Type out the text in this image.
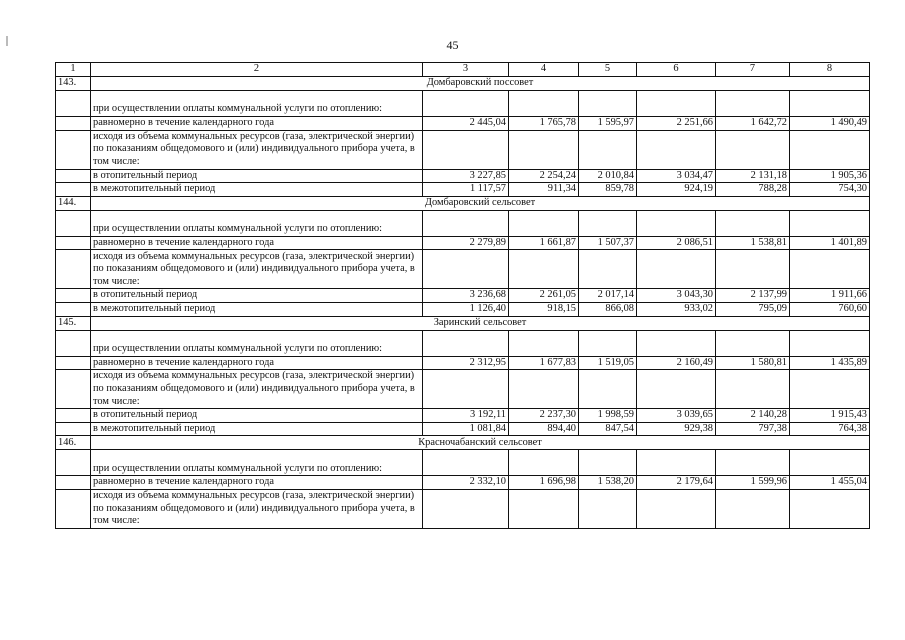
45
1	2	3	4	5	6	7	8
143.	Домбаровский поссовет						
	при осуществлении оплаты коммунальной услуги по отоплению:						
	равномерно в течение календарного года	2 445,04	1 765,78	1 595,97	2 251,66	1 642,72	1 490,49
	исходя из объема коммунальных ресурсов (газа, электрической энергии) по показаниям общедомового и (или) индивидуального прибора учета, в том числе:						
	в отопительный период	3 227,85	2 254,24	2 010,84	3 034,47	2 131,18	1 905,36
	в межотопительный период	1 117,57	911,34	859,78	924,19	788,28	754,30
144.	Домбаровский сельсовет						
	при осуществлении оплаты коммунальной услуги по отоплению:						
	равномерно в течение календарного года	2 279,89	1 661,87	1 507,37	2 086,51	1 538,81	1 401,89
	исходя из объема коммунальных ресурсов (газа, электрической энергии) по показаниям общедомового и (или) индивидуального прибора учета, в том числе:						
	в отопительный период	3 236,68	2 261,05	2 017,14	3 043,30	2 137,99	1 911,66
	в межотопительный период	1 126,40	918,15	866,08	933,02	795,09	760,60
145.	Заринский сельсовет						
	при осуществлении оплаты коммунальной услуги по отоплению:						
	равномерно в течение календарного года	2 312,95	1 677,83	1 519,05	2 160,49	1 580,81	1 435,89
	исходя из объема коммунальных ресурсов (газа, электрической энергии) по показаниям общедомового и (или) индивидуального прибора учета, в том числе:						
	в отопительный период	3 192,11	2 237,30	1 998,59	3 039,65	2 140,28	1 915,43
	в межотопительный период	1 081,84	894,40	847,54	929,38	797,38	764,38
146.	Красночабанский сельсовет						
	при осуществлении оплаты коммунальной услуги по отоплению:						
	равномерно в течение календарного года	2 332,10	1 696,98	1 538,20	2 179,64	1 599,96	1 455,04
	исходя из объема коммунальных ресурсов (газа, электрической энергии) по показаниям общедомового и (или) индивидуального прибора учета, в том числе:						
